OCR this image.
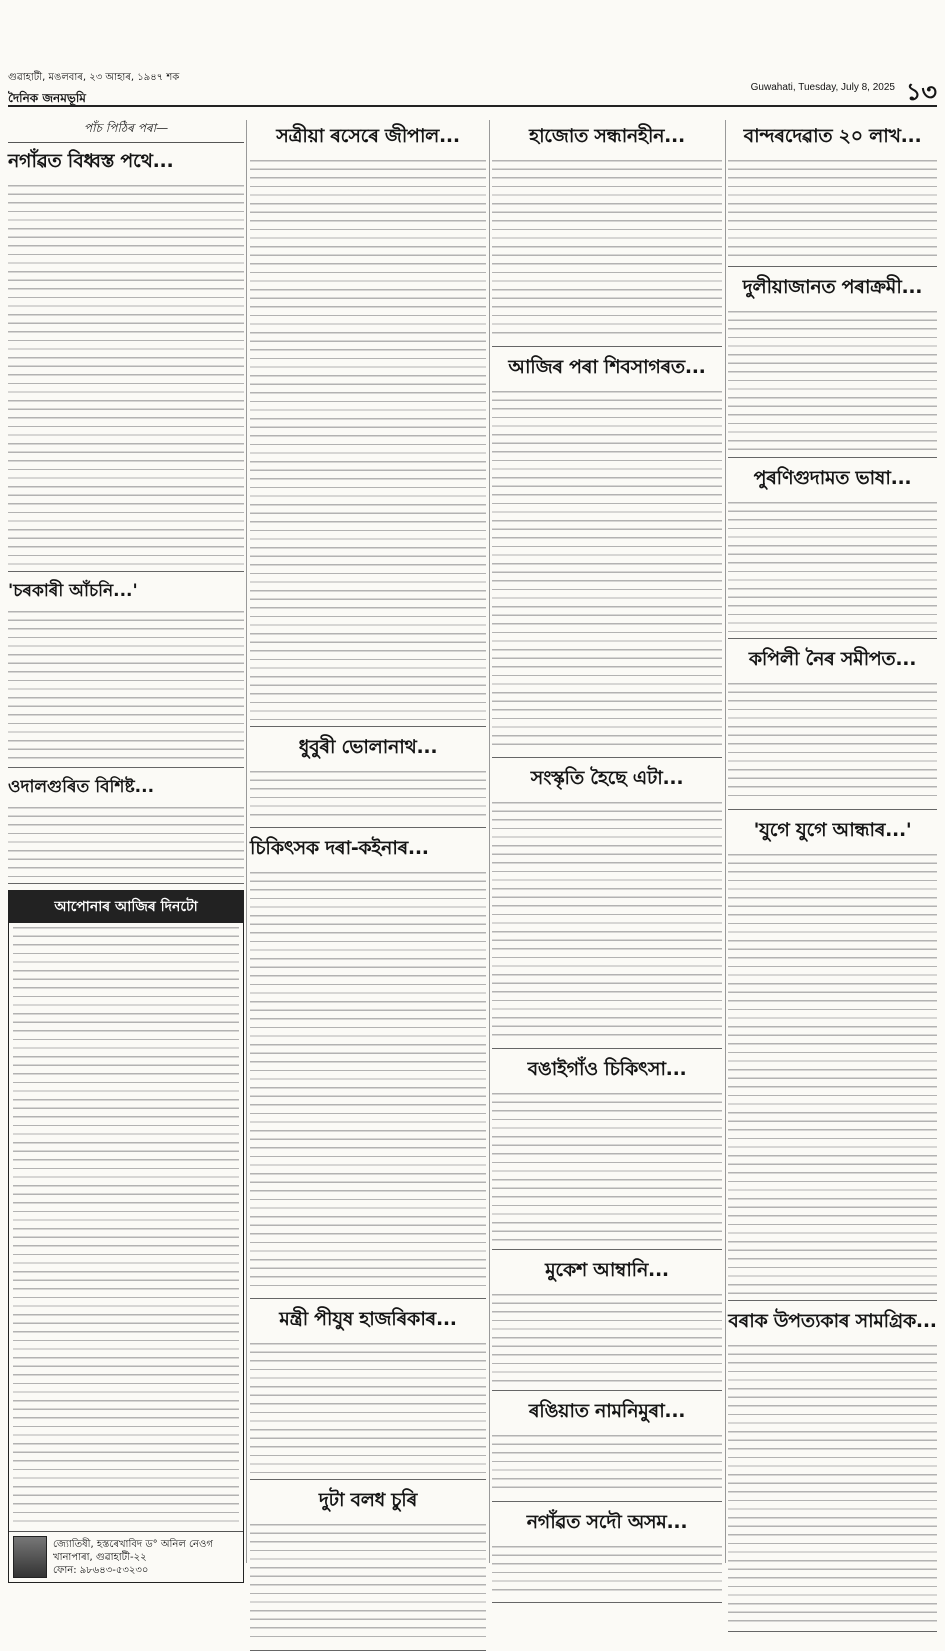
গুৱাহাটী, মঙলবাৰ, ২৩ আহাৰ, ১৯৪৭ শক
দৈনিক জনমভূমি
Guwahati, Tuesday, July 8, 2025 ১৩
পাঁচ পিঠিৰ পৰা—
নগাঁৱত বিধ্বস্ত পথে...
'চৰকাৰী আঁচনি...'
ওদালগুৰিত বিশিষ্ট...
আপোনাৰ আজিৰ দিনটো
জ্যোতিষী, হস্তৰেখাবিদ ড° অনিল নেওগ
খানাপাৰা, গুৱাহাটী-২২
ফোন: ৯৮৬৪৩-৫৩২৩০
সত্ৰীয়া ৰসেৰে জীপাল...
ধুবুৰী ভোলানাথ...
চিকিৎসক দৰা-কইনাৰ...
মন্ত্ৰী পীযুষ হাজৰিকাৰ...
দুটা বলধ চুৰি
হাজোত সন্ধানহীন...
আজিৰ পৰা শিবসাগৰত...
সংস্কৃতি হৈছে এটা...
বঙাইগাঁও চিকিৎসা...
মুকেশ আম্বানি...
ৰঙিয়াত নামনিমুৰা...
নগাঁৱত সদৌ অসম...
বান্দৰদেৱাত ২০ লাখ...
দুলীয়াজানত পৰাক্ৰমী...
পুৰণিগুদামত ভাষা...
কপিলী নৈৰ সমীপত...
'যুগে যুগে আন্ধাৰ...'
বৰাক উপত্যকাৰ সামগ্ৰিক...
